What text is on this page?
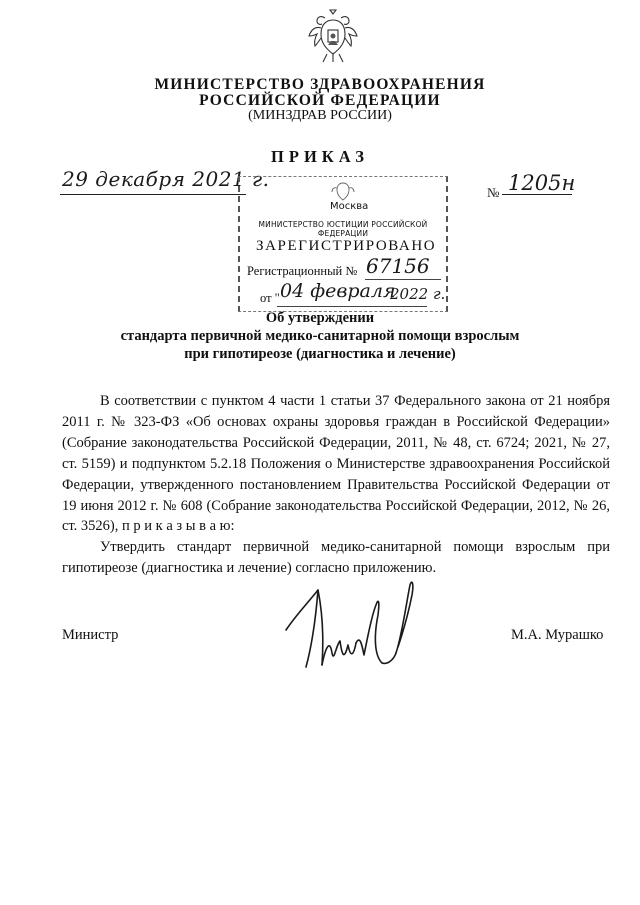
МИНИСТЕРСТВО ЗДРАВООХРАНЕНИЯ
РОССИЙСКОЙ ФЕДЕРАЦИИ
(МИНЗДРАВ РОССИИ)
ПРИКАЗ
29 декабря 2021 г.
№ 1205н
Москва
МИНИСТЕРСТВО ЮСТИЦИИ РОССИЙСКОЙ ФЕДЕРАЦИИ
ЗАРЕГИСТРИРОВАНО
Регистрационный № 67156
от " 04 февраля
2022 г.
Об утверждении
стандарта первичной медико-санитарной помощи взрослым
при гипотиреозе (диагностика и лечение)

В соответствии с пунктом 4 части 1 статьи 37 Федерального закона от 21 ноября 2011 г. № 323-ФЗ «Об основах охраны здоровья граждан в Российской Федерации» (Собрание законодательства Российской Федерации, 2011, № 48, ст. 6724; 2021, № 27, ст. 5159) и подпунктом 5.2.18 Положения о Министерстве здравоохранения Российской Федерации, утвержденного постановлением Правительства Российской Федерации от 19 июня 2012 г. № 608 (Собрание законодательства Российской Федерации, 2012, № 26, ст. 3526), п р и к а з ы в а ю:

Утвердить стандарт первичной медико-санитарной помощи взрослым при гипотиреозе (диагностика и лечение) согласно приложению.

Министр	М.А. Мурашко
